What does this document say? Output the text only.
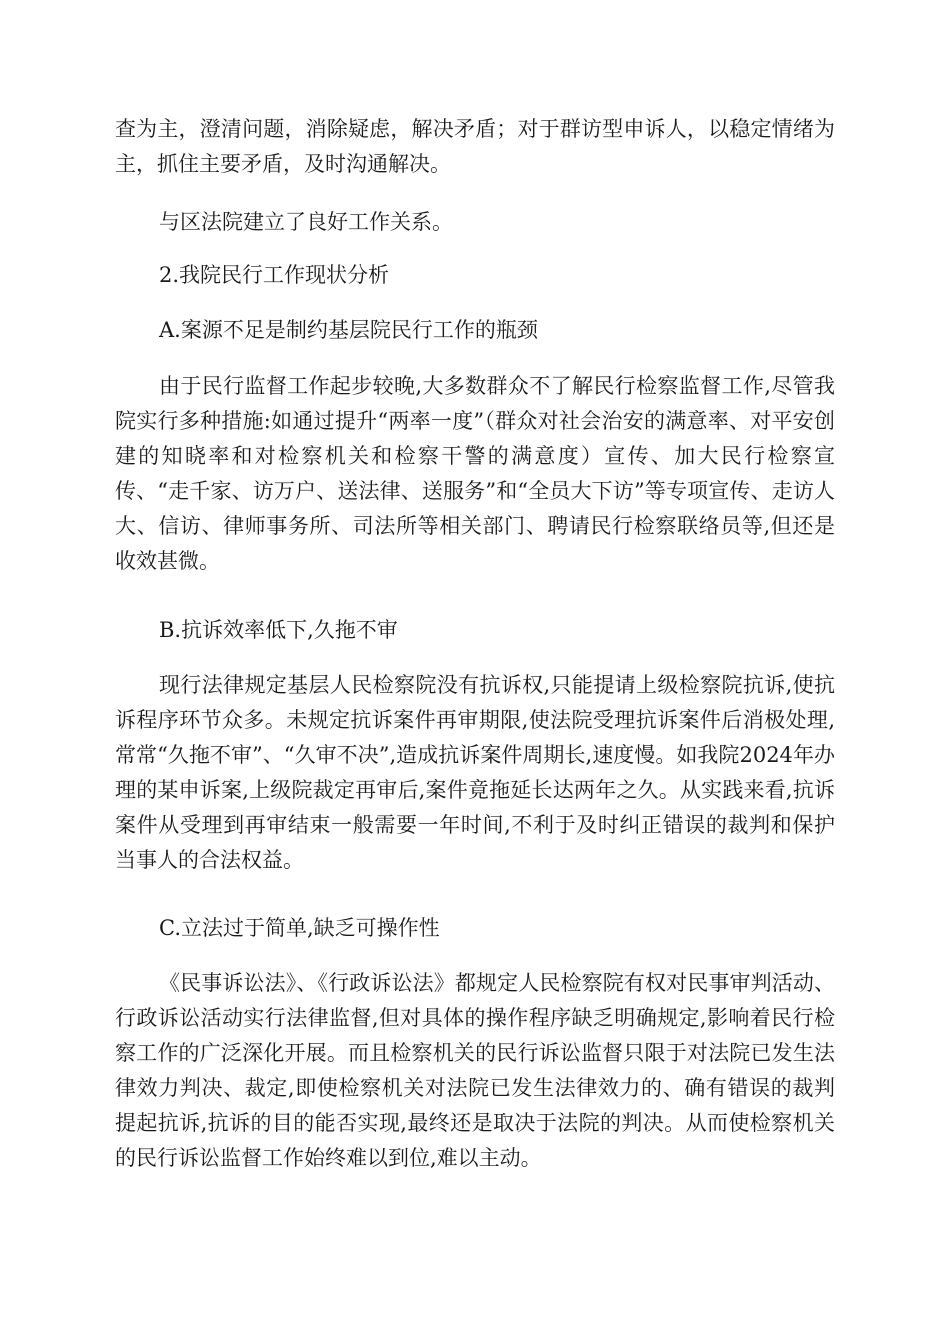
查为主，澄清问题，消除疑虑，解决矛盾；对于群访型申诉人，以稳定情绪为主，抓住主要矛盾，及时沟通解决。

与区法院建立了良好工作关系。

2.我院民行工作现状分析

A.案源不足是制约基层院民行工作的瓶颈

由于民行监督工作起步较晚,大多数群众不了解民行检察监督工作,尽管我院实行多种措施:如通过提升“两率一度”（群众对社会治安的满意率、对平安创建的知晓率和对检察机关和检察干警的满意度）宣传、加大民行检察宣传、“走千家、访万户、送法律、送服务”和“全员大下访”等专项宣传、走访人大、信访、律师事务所、司法所等相关部门、聘请民行检察联络员等,但还是收效甚微。

B.抗诉效率低下,久拖不审

现行法律规定基层人民检察院没有抗诉权,只能提请上级检察院抗诉,使抗诉程序环节众多。未规定抗诉案件再审期限,使法院受理抗诉案件后消极处理,常常“久拖不审”、“久审不决”,造成抗诉案件周期长,速度慢。如我院2024年办理的某申诉案,上级院裁定再审后,案件竟拖延长达两年之久。从实践来看,抗诉案件从受理到再审结束一般需要一年时间,不利于及时纠正错误的裁判和保护当事人的合法权益。

C.立法过于简单,缺乏可操作性

《民事诉讼法》、《行政诉讼法》都规定人民检察院有权对民事审判活动、行政诉讼活动实行法律监督,但对具体的操作程序缺乏明确规定,影响着民行检察工作的广泛深化开展。而且检察机关的民行诉讼监督只限于对法院已发生法律效力判决、裁定,即使检察机关对法院已发生法律效力的、确有错误的裁判提起抗诉,抗诉的目的能否实现,最终还是取决于法院的判决。从而使检察机关的民行诉讼监督工作始终难以到位,难以主动。
